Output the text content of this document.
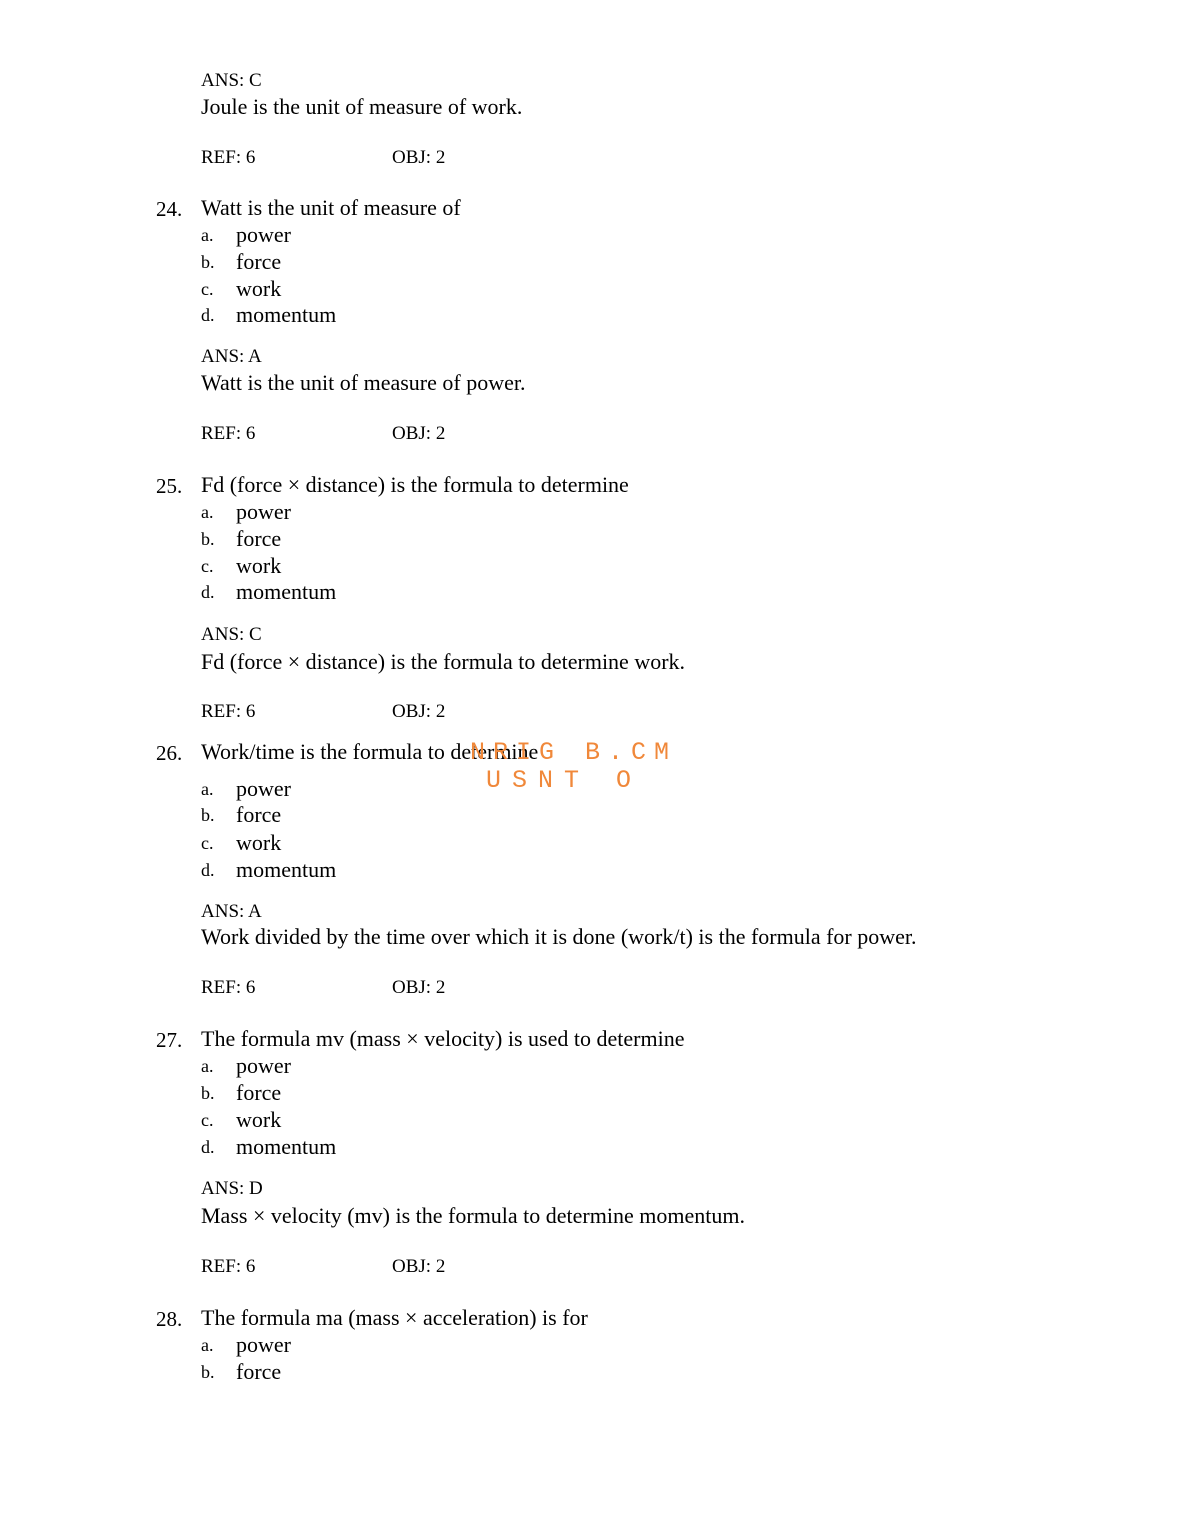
ANS: C
Joule is the unit of measure of work.
REF: 6	OBJ: 2
24. Watt is the unit of measure of
a. power
b. force
c. work
d. momentum
ANS: A
Watt is the unit of measure of power.
REF: 6	OBJ: 2
25. Fd (force × distance) is the formula to determine
a. power
b. force
c. work
d. momentum
ANS: C
Fd (force × distance) is the formula to determine work.
REF: 6	OBJ: 2
26. Work/time is the formula to determine
a. power
b. force
c. work
d. momentum
ANS: A
Work divided by the time over which it is done (work/t) is the formula for power.
REF: 6	OBJ: 2
27. The formula mv (mass × velocity) is used to determine
a. power
b. force
c. work
d. momentum
ANS: D
Mass × velocity (mv) is the formula to determine momentum.
REF: 6	OBJ: 2
28. The formula ma (mass × acceleration) is for
a. power
b. force
NRIG B.CM
USNT O
